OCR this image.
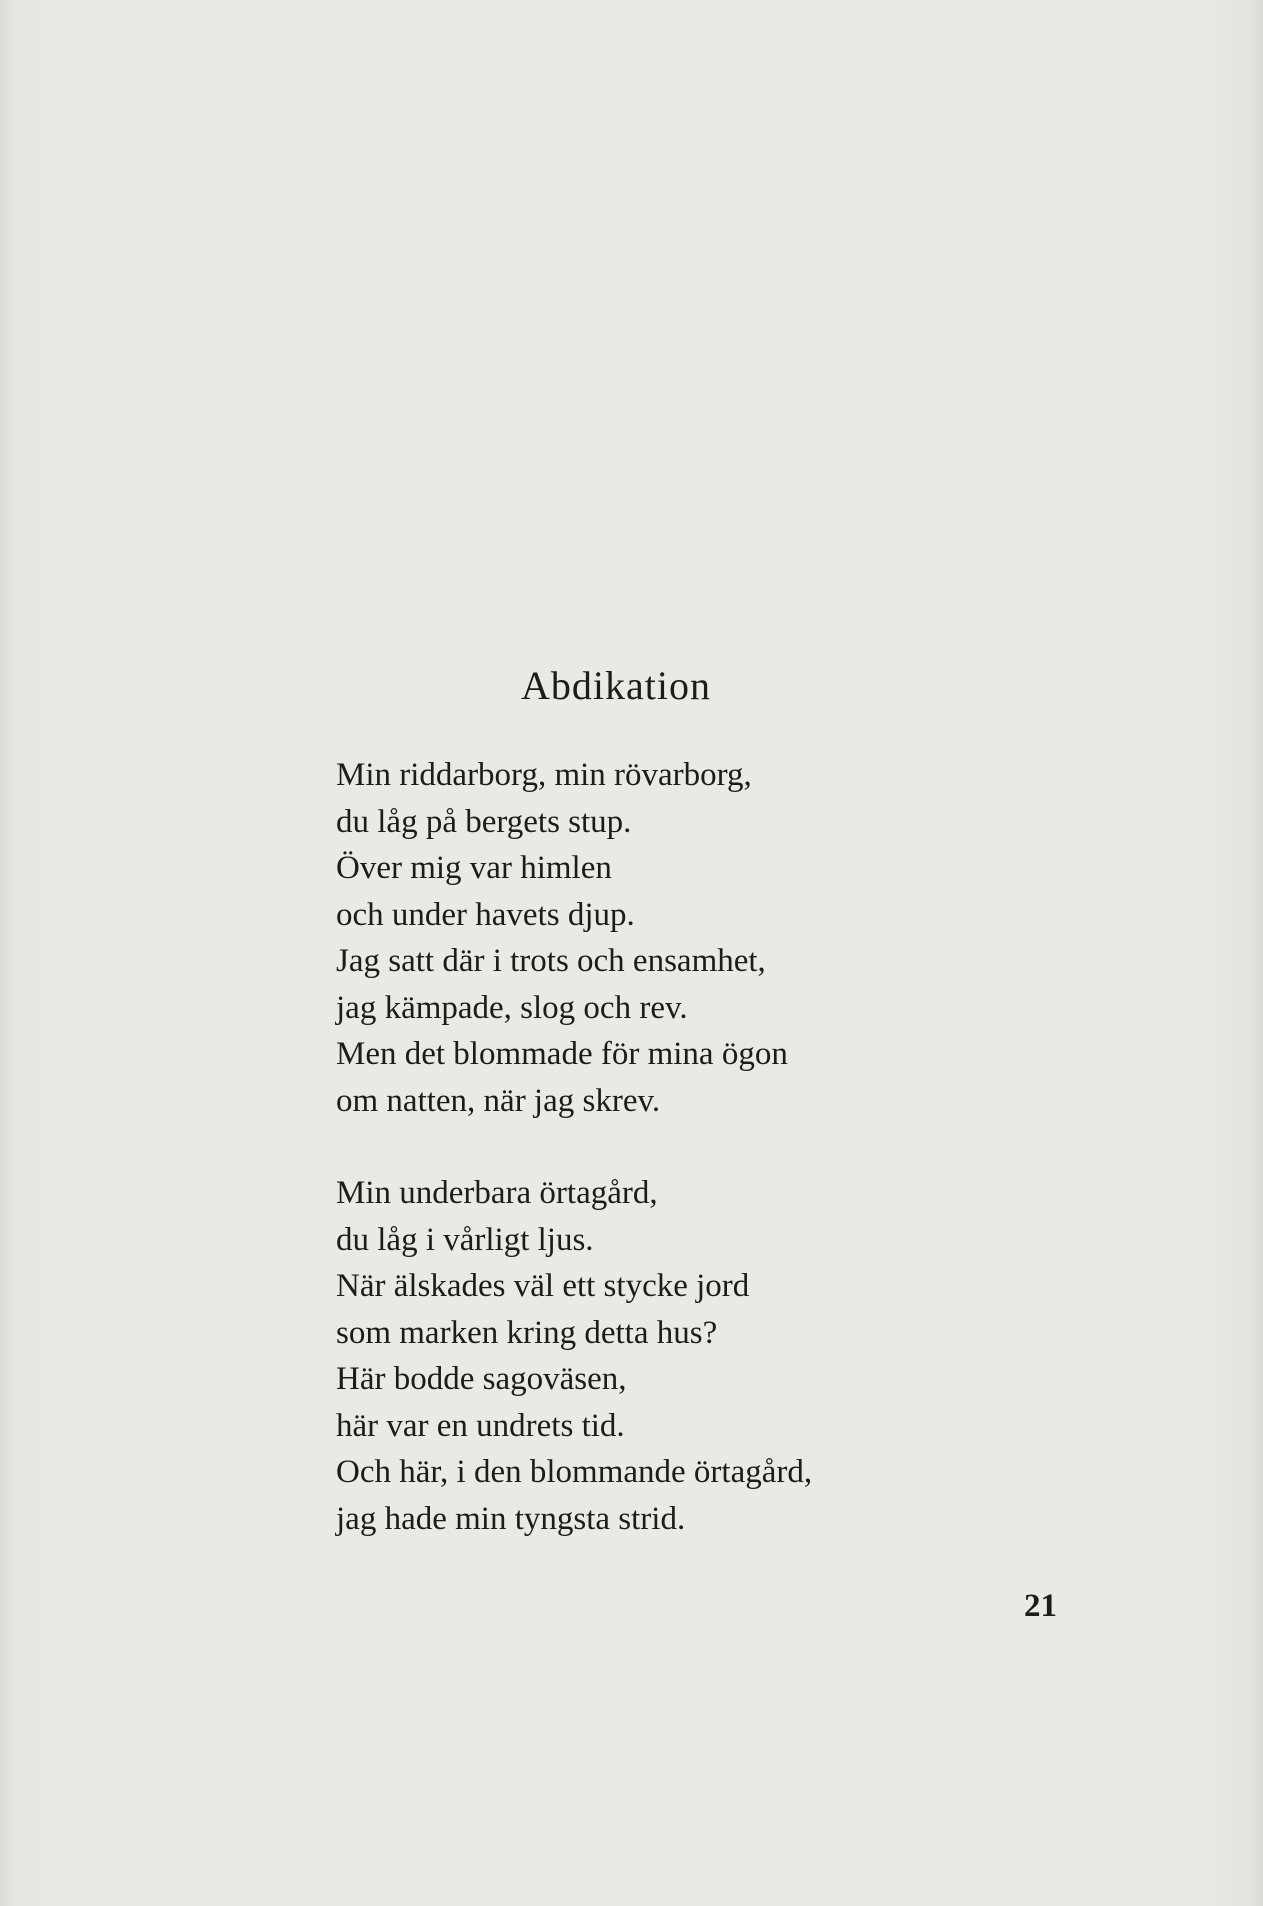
Abdikation

Min riddarborg, min rövarborg,
du låg på bergets stup.
Över mig var himlen
och under havets djup.
Jag satt där i trots och ensamhet,
jag kämpade, slog och rev.
Men det blommade för mina ögon
om natten, när jag skrev.

Min underbara örtagård,
du låg i vårligt ljus.
När älskades väl ett stycke jord
som marken kring detta hus?
Här bodde sagoväsen,
här var en undrets tid.
Och här, i den blommande örtagård,
jag hade min tyngsta strid.

21
